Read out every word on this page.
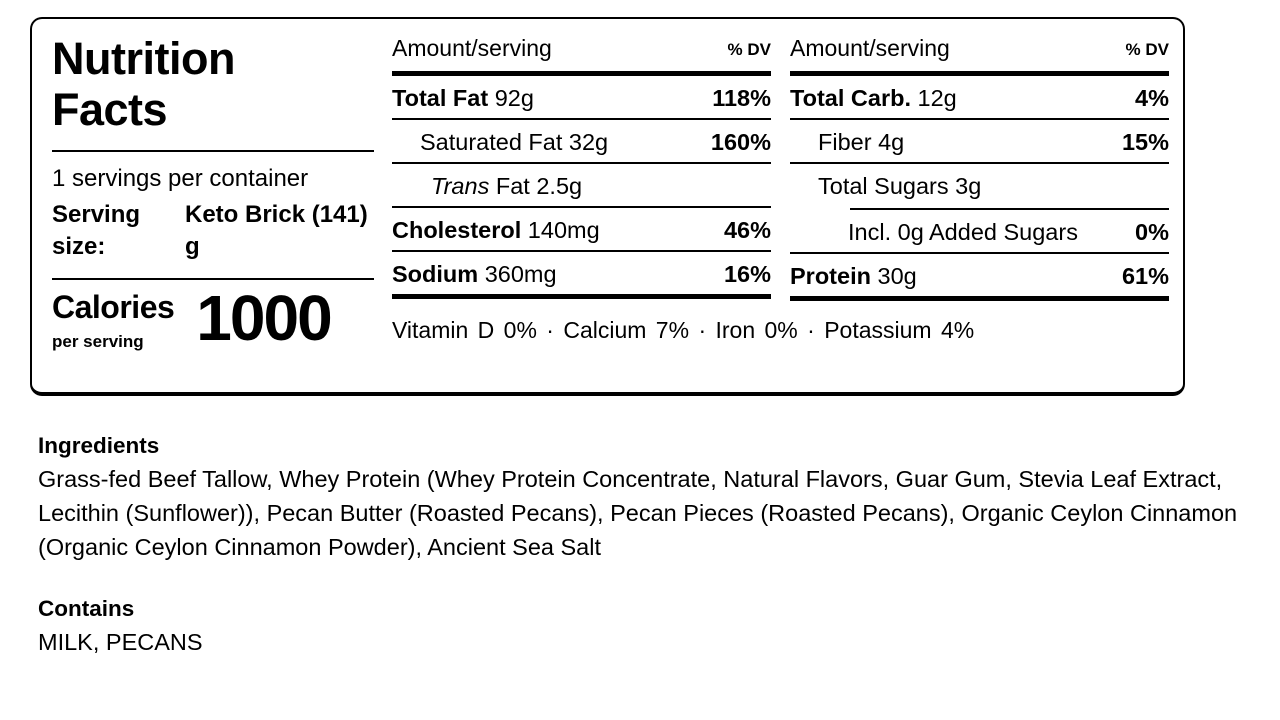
Nutrition Facts
1 servings per container
Serving size:
Keto Brick (141) g
Calories
per serving 1000
Amount/serving	% DV
Total Fat 92g	118%
Saturated Fat 32g	160%
Trans Fat 2.5g
Cholesterol 140mg	46%
Sodium 360mg	16%
Amount/serving	% DV
Total Carb. 12g	4%
Fiber 4g	15%
Total Sugars 3g
Incl. 0g Added Sugars 0%
Protein 30g	61%
Vitamin D 0% · Calcium 7% · Iron 0% · Potassium 4%
Ingredients
Grass-fed Beef Tallow, Whey Protein (Whey Protein Concentrate, Natural Flavors, Guar Gum, Stevia Leaf Extract, Lecithin (Sunflower)), Pecan Butter (Roasted Pecans), Pecan Pieces (Roasted Pecans), Organic Ceylon Cinnamon (Organic Ceylon Cinnamon Powder), Ancient Sea Salt
Contains
MILK, PECANS
